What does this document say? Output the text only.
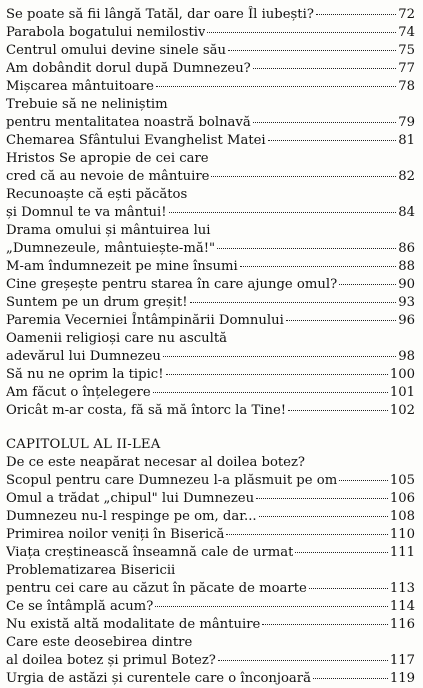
Se poate să fii lângă Tatăl, dar oare Îl iubești?	72
Parabola bogatului nemilostiv	74
Centrul omului devine sinele său	75
Am dobândit dorul după Dumnezeu?	77
Mișcarea mântuitoare	78
Trebuie să ne neliniștim
pentru mentalitatea noastră bolnavă	79
Chemarea Sfântului Evanghelist Matei	81
Hristos Se apropie de cei care
cred că au nevoie de mântuire	82
Recunoaște că ești păcătos
și Domnul te va mântui!	84
Drama omului și mântuirea lui
„Dumnezeule, mântuiește-mă!"	86
M-am îndumnezeit pe mine însumi	88
Cine greșește pentru starea în care ajunge omul?	90
Suntem pe un drum greșit!	93
Paremia Vecerniei Întâmpinării Domnului	96
Oamenii religioși care nu ascultă
adevărul lui Dumnezeu	98
Să nu ne oprim la tipic!	100
Am făcut o înțelegere	101
Oricât m-ar costa, fă să mă întorc la Tine!	102
CAPITOLUL AL II-LEA
De ce este neapărat necesar al doilea botez?
Scopul pentru care Dumnezeu l-a plăsmuit pe om	105
Omul a trădat „chipul" lui Dumnezeu	106
Dumnezeu nu-l respinge pe om, dar...	108
Primirea noilor veniți în Biserică	110
Viața creștinească înseamnă cale de urmat	111
Problematizarea Bisericii
pentru cei care au căzut în păcate de moarte	113
Ce se întâmplă acum?	114
Nu există altă modalitate de mântuire	116
Care este deosebirea dintre
al doilea botez și primul Botez?	117
Urgia de astăzi și curentele care o înconjoară	119
